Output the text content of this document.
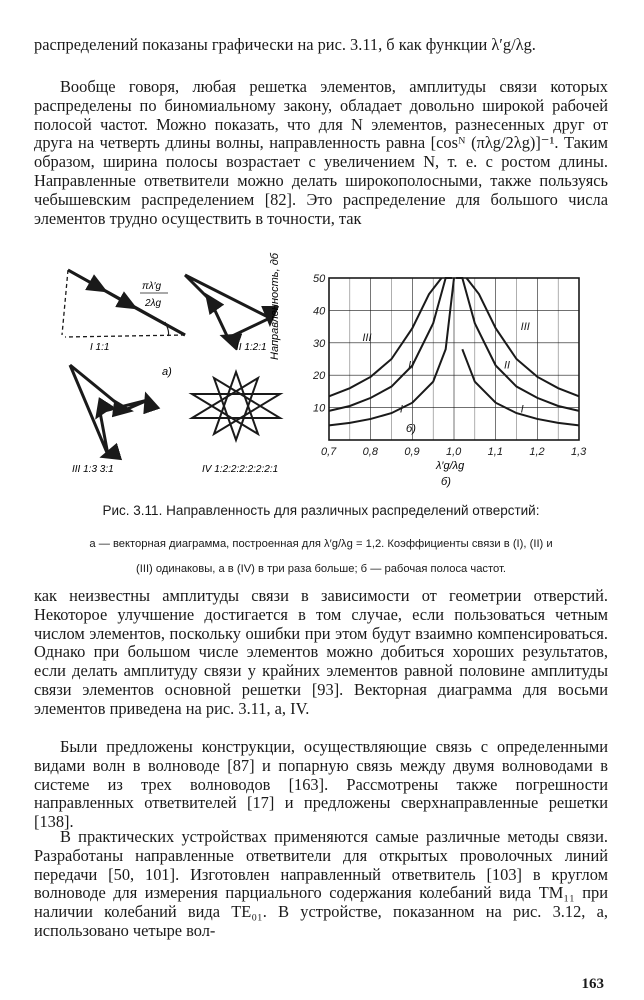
распределений показаны графически на рис. 3.11, б как функции λ′g/λg.

Вообще говоря, любая решетка элементов, амплитуды связи которых распределены по биномиальному закону, обладает довольно широкой рабочей полосой частот. Можно показать, что для N элементов, разнесенных друг от друга на четверть длины волны, направленность равна [cosᴺ (πλg/2λg)]⁻¹. Таким образом, ширина полосы возрастает с увеличением N, т. е. с ростом длины. Направленные ответвители можно делать широкополосными, также пользуясь чебышевским распределением [82]. Это распределение для большого числа элементов трудно осуществить в точности, так

πλ′g
2λg
I 1:1	II 1:2:1
а)
III 1:3 3:1	IV 1:2:2:2:2:2:2:1
0,7 0,8 0,9 1,0 1,1 1,2 1,3
10
20
30
40
50
Направленность, дб
λ′g/λg
б)
б)
I	I
II	II
III
III
Рис. 3.11. Направленность для различных распределений отверстий:
а — векторная диаграмма, построенная для λ′g/λg = 1,2. Коэффициенты связи в (I), (II) и
(III) одинаковы, а в (IV) в три раза больше; б — рабочая полоса частот.

как неизвестны амплитуды связи в зависимости от геометрии отверстий. Некоторое улучшение достигается в том случае, если пользоваться четным числом элементов, поскольку ошибки при этом будут взаимно компенсироваться. Однако при большом числе элементов можно добиться хороших результатов, если делать амплитуду связи у крайних элементов равной половине амплитуды связи элементов основной решетки [93]. Векторная диаграмма для восьми элементов приведена на рис. 3.11, а, IV.

Были предложены конструкции, осуществляющие связь с определенными видами волн в волноводе [87] и попарную связь между двумя волноводами в системе из трех волноводов [163]. Рассмотрены также погрешности направленных ответвителей [17] и предложены сверхнаправленные решетки [138].

В практических устройствах применяются самые различные методы связи. Разработаны направленные ответвители для открытых проволочных линий передачи [50, 101]. Изготовлен направленный ответвитель [103] в круглом волноводе для измерения парциального содержания колебаний вида TM₁₁ при наличии колебаний вида TE₀₁. В устройстве, показанном на рис. 3.12, а, использовано четыре вол-

163
